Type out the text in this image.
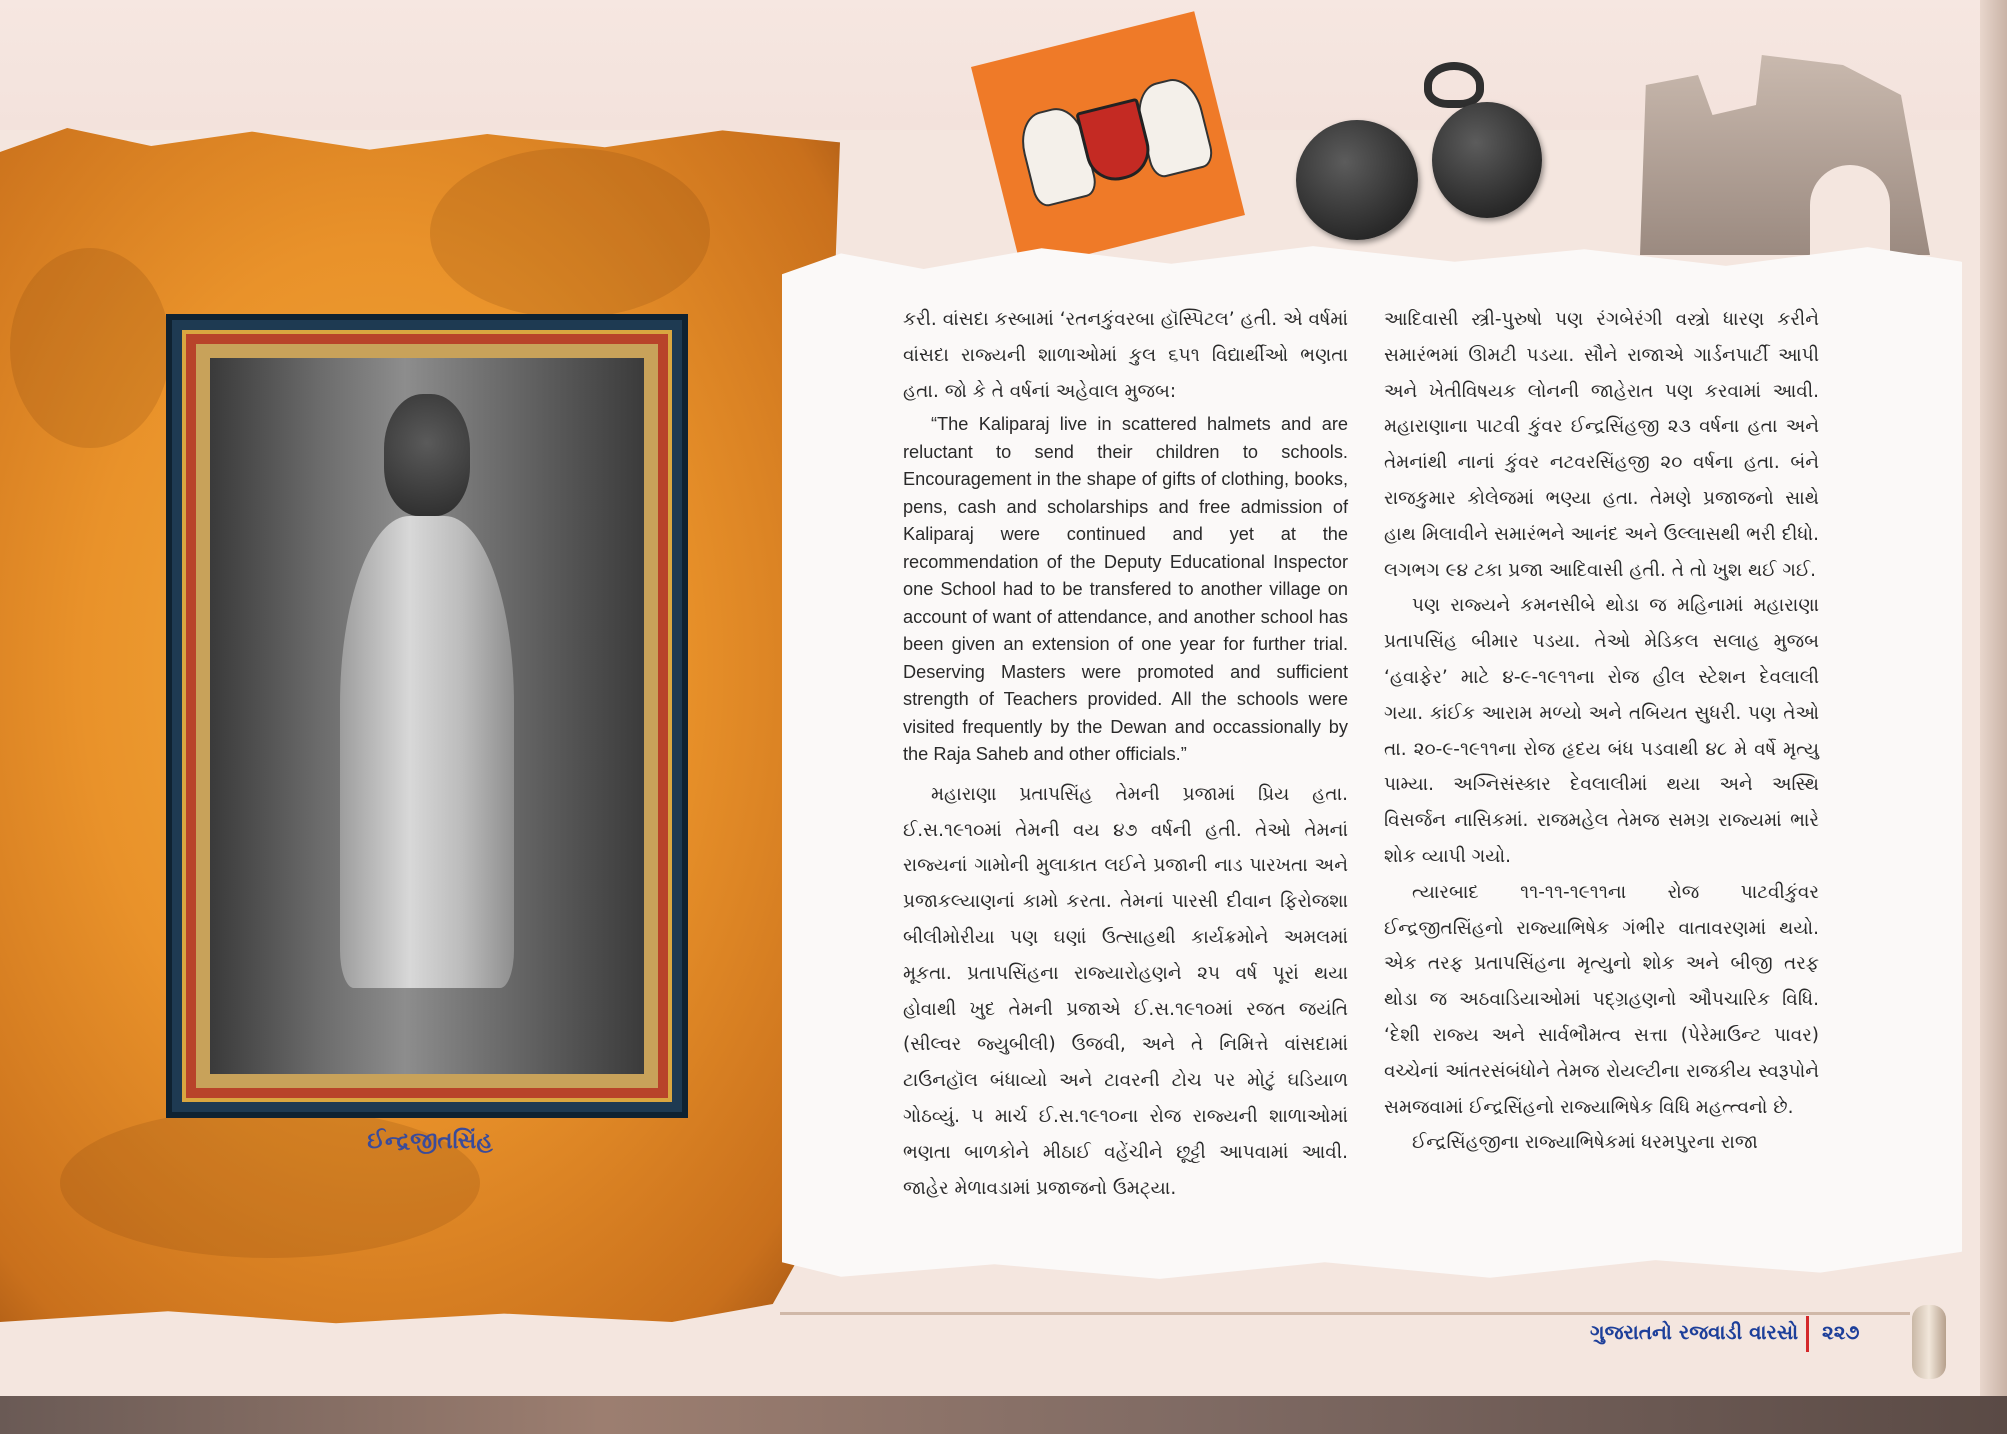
ઈન્દ્રજીતસિંહ

કરી. વાંસદા કસ્બામાં ‘રતનકુંવરબા હૉસ્પિટલ’ હતી. એ વર્ષમાં વાંસદા રાજ્યની શાળાઓમાં કુલ ૬૫૧ વિદ્યાર્થીઓ ભણતા હતા. જો કે તે વર્ષનાં અહેવાલ મુજબ:

“The Kaliparaj live in scattered halmets and are reluctant to send their children to schools. Encouragement in the shape of gifts of clothing, books, pens, cash and scholarships and free admission of Kaliparaj were continued and yet at the recommendation of the Deputy Educational Inspector one School had to be transfered to another village on account of want of attendance, and another school has been given an extension of one year for further trial. Deserving Masters were promoted and sufficient strength of Teachers provided. All the schools were visited frequently by the Dewan and occassionally by the Raja Saheb and other officials.”

મહારાણા પ્રતાપસિંહ તેમની પ્રજામાં પ્રિય હતા. ઈ.સ.૧૯૧૦માં તેમની વય ૪૭ વર્ષની હતી. તેઓ તેમનાં રાજ્યનાં ગામોની મુલાકાત લઈને પ્રજાની નાડ પારખતા અને પ્રજાકલ્યાણનાં કામો કરતા. તેમનાં પારસી દીવાન ફિરોજશા બીલીમોરીયા પણ ઘણાં ઉત્સાહથી કાર્યક્રમોને અમલમાં મૂકતા. પ્રતાપસિંહના રાજ્યારોહણને ૨૫ વર્ષ પૂરાં થયા હોવાથી ખુદ તેમની પ્રજાએ ઈ.સ.૧૯૧૦માં રજત જયંતિ (સીલ્વર જ્યુબીલી) ઉજવી, અને તે નિમિત્તે વાંસદામાં ટાઉનહૉલ બંધાવ્યો અને ટાવરની ટોચ પર મોટું ઘડિયાળ ગોઠવ્યું. ૫ માર્ચ ઈ.સ.૧૯૧૦ના રોજ રાજ્યની શાળાઓમાં ભણતા બાળકોને મીઠાઈ વહેંચીને છૂટ્ટી આપવામાં આવી. જાહેર મેળાવડામાં પ્રજાજનો ઉમટ્યા.

આદિવાસી સ્ત્રી-પુરુષો પણ રંગબેરંગી વસ્ત્રો ધારણ કરીને સમારંભમાં ઊમટી પડયા. સૌને રાજાએ ગાર્ડનપાર્ટી આપી અને ખેતીવિષયક લોનની જાહેરાત પણ કરવામાં આવી. મહારાણાના પાટવી કુંવર ઈન્દ્રસિંહજી ૨૩ વર્ષના હતા અને તેમનાંથી નાનાં કુંવર નટવરસિંહજી ૨૦ વર્ષના હતા. બંને રાજકુમાર કોલેજમાં ભણ્યા હતા. તેમણે પ્રજાજનો સાથે હાથ મિલાવીને સમારંભને આનંદ અને ઉલ્લાસથી ભરી દીધો. લગભગ ૯૪ ટકા પ્રજા આદિવાસી હતી. તે તો ખુશ થઈ ગઈ.

પણ રાજ્યને કમનસીબે થોડા જ મહિનામાં મહારાણા પ્રતાપસિંહ બીમાર પડયા. તેઓ મેડિકલ સલાહ મુજબ ‘હવાફેર’ માટે ૪-૯-૧૯૧૧ના રોજ હીલ સ્ટેશન દેવલાલી ગયા. કાંઈક આરામ મળ્યો અને તબિયત સુધરી. પણ તેઓ તા. ૨૦-૯-૧૯૧૧ના રોજ હૃદય બંધ પડવાથી ૪૮ મે વર્ષે મૃત્યુ પામ્યા. અગ્નિસંસ્કાર દેવલાલીમાં થયા અને અસ્થિ વિસર્જન નાસિકમાં. રાજમહેલ તેમજ સમગ્ર રાજ્યમાં ભારે શોક વ્યાપી ગયો.

ત્યારબાદ ૧૧-૧૧-૧૯૧૧ના રોજ પાટવીકુંવર ઈન્દ્રજીતસિંહનો રાજ્યાભિષેક ગંભીર વાતાવરણમાં થયો. એક તરફ પ્રતાપસિંહના મૃત્યુનો શોક અને બીજી તરફ થોડા જ અઠવાડિયાઓમાં પદ્ગ્રહણનો ઔપચારિક વિધિ. ‘દેશી રાજ્ય અને સાર્વભૌમત્વ સત્તા (પેરેમાઉન્ટ પાવર) વચ્ચેનાં આંતરસંબંધોને તેમજ રોયલ્ટીના રાજકીય સ્વરૂપોને સમજવામાં ઈન્દ્રસિંહનો રાજ્યાભિષેક વિધિ મહત્ત્વનો છે.

ઈન્દ્રસિંહજીના રાજ્યાભિષેકમાં ધરમપુરના રાજા

ગુજરાતનો રજવાડી વારસો ૨૨૭
